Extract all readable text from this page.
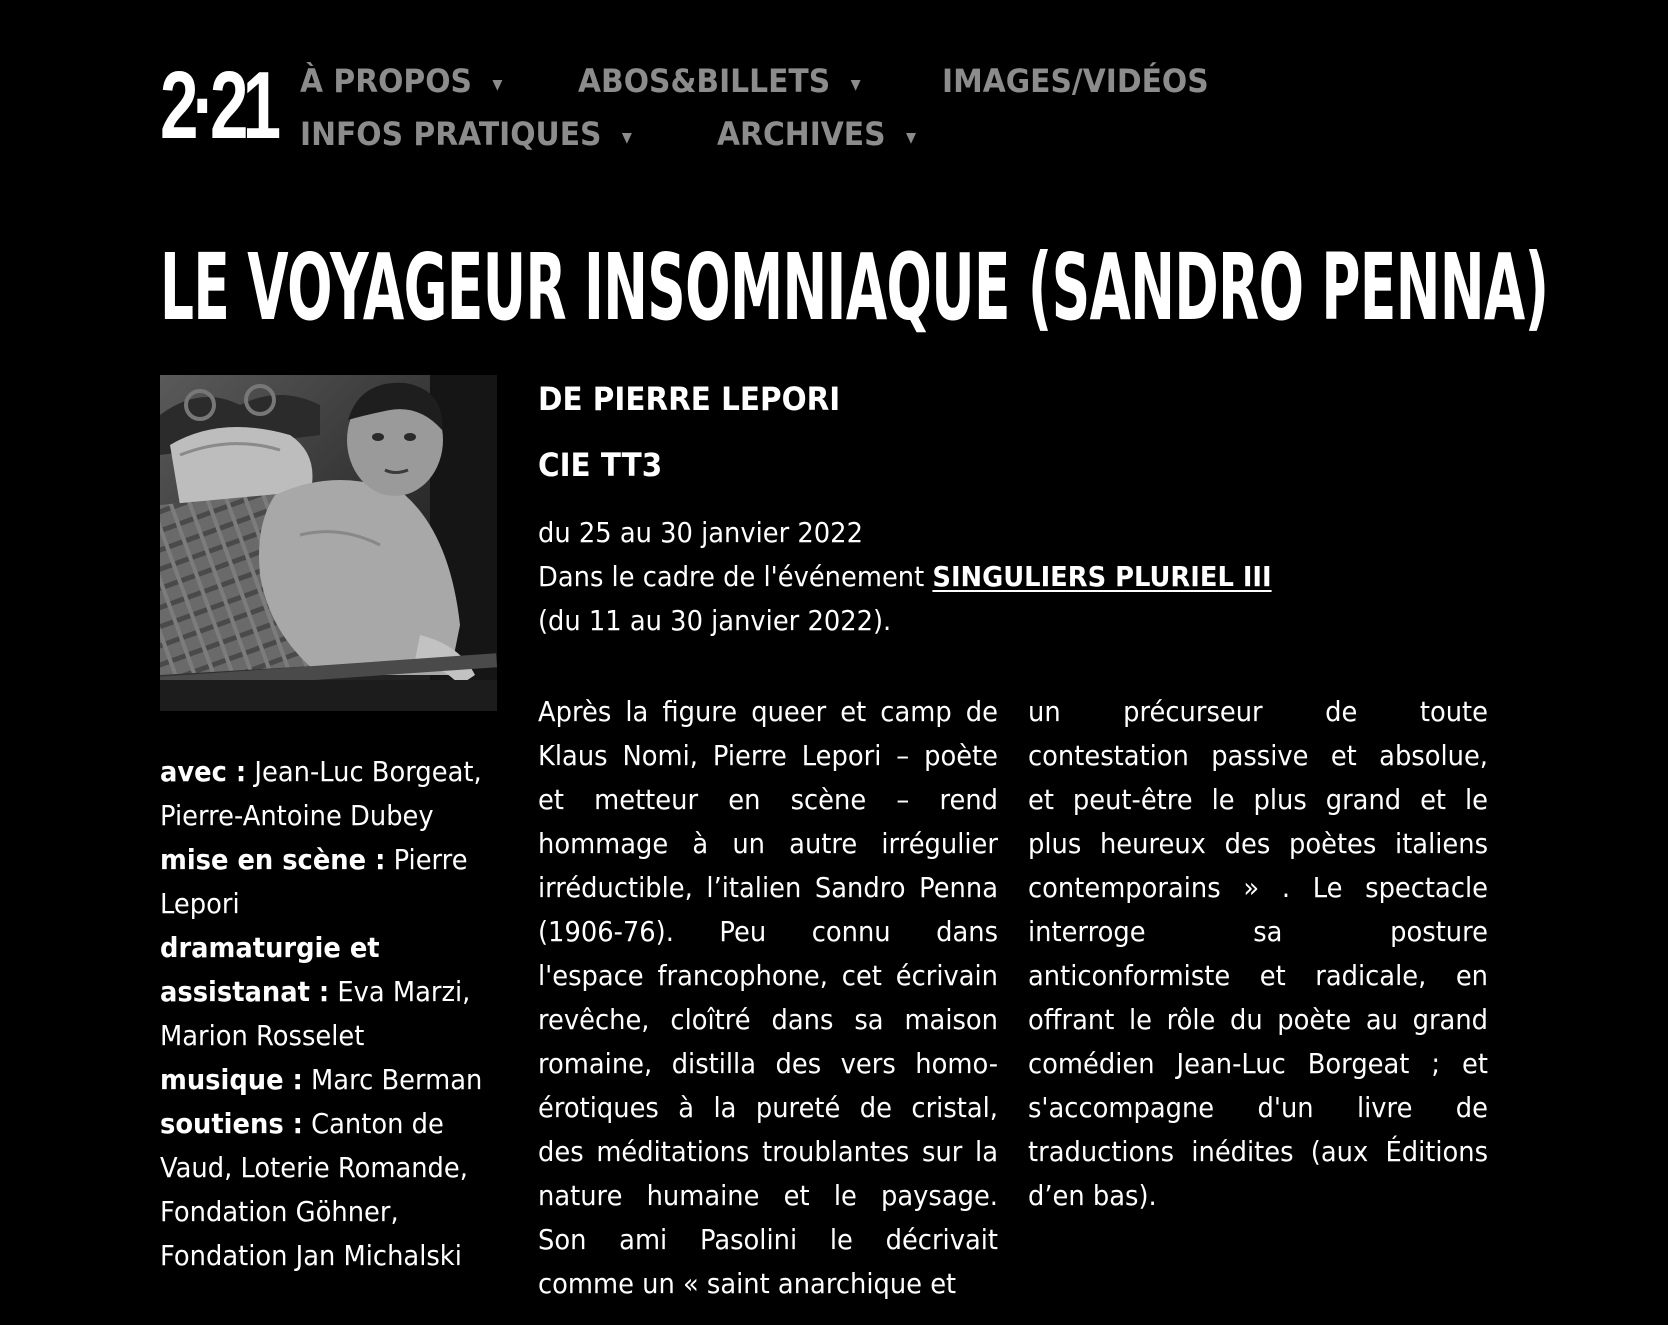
2·21 À PROPOS ▼ ABOS&BILLETS ▼	IMAGES/VIDÉOS
INFOS PRATIQUES ▼	ARCHIVES ▼
LE VOYAGEUR INSOMNIAQUE (SANDRO PENNA)
avec : Jean-Luc Borgeat,
Pierre-Antoine Dubey
mise en scène : Pierre
Lepori
dramaturgie et
assistanat : Eva Marzi,
Marion Rosselet
musique : Marc Berman
soutiens : Canton de
Vaud, Loterie Romande,
Fondation Göhner,
Fondation Jan Michalski
DE PIERRE LEPORI
CIE TT3
du 25 au 30 janvier 2022
Dans le cadre de l'événement SINGULIERS PLURIEL III
(du 11 au 30 janvier 2022).
Après la figure queer et camp de
Klaus Nomi, Pierre Lepori – poète
et metteur en scène – rend
hommage à un autre irrégulier
irréductible, l’italien Sandro Penna
(1906-76). Peu connu dans
l'espace francophone, cet écrivain
revêche, cloîtré dans sa maison
romaine, distilla des vers homo-
érotiques à la pureté de cristal,
des méditations troublantes sur la
nature humaine et le paysage.
Son ami Pasolini le décrivait
comme un « saint anarchique et
un précurseur de toute
contestation passive et absolue,
et peut-être le plus grand et le
plus heureux des poètes italiens
contemporains » . Le spectacle
interroge sa posture
anticonformiste et radicale, en
offrant le rôle du poète au grand
comédien Jean-Luc Borgeat ; et
s'accompagne d'un livre de
traductions inédites (aux Éditions
d’en bas).
